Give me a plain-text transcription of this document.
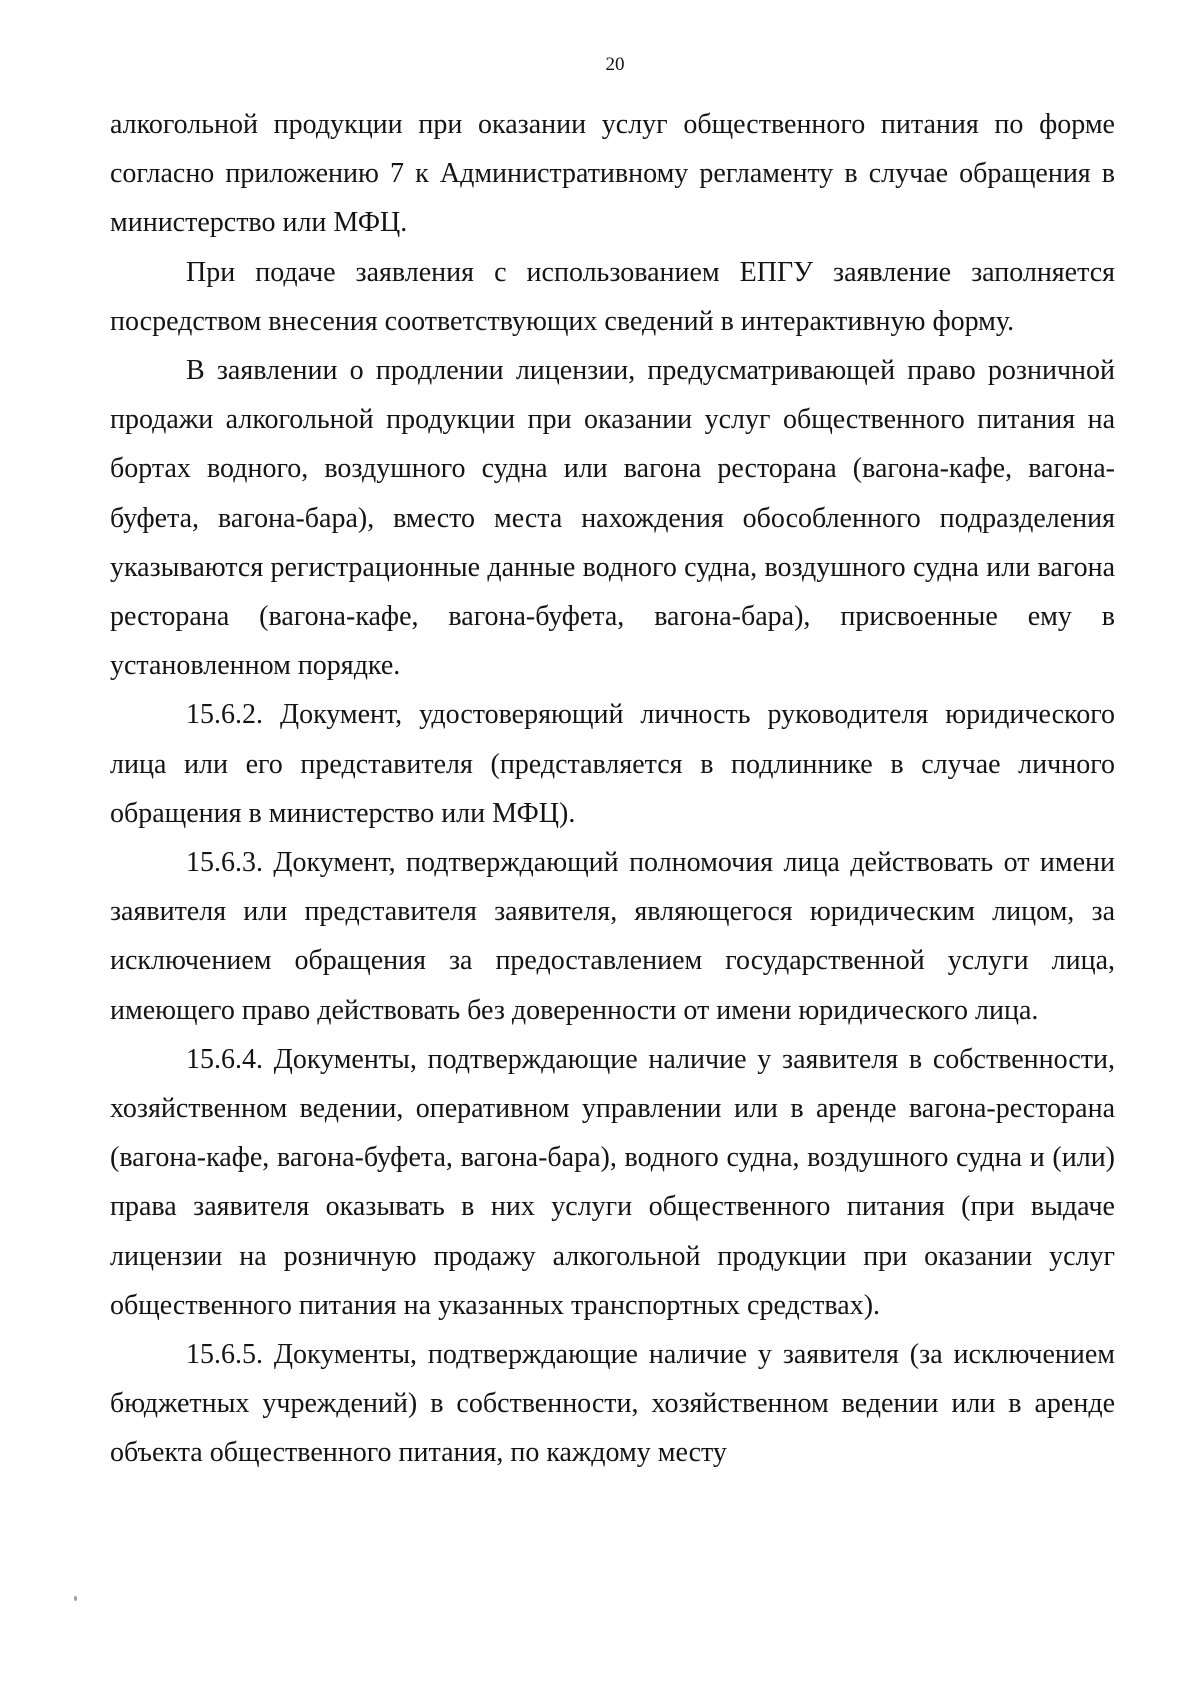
20

алкогольной продукции при оказании услуг общественного питания по форме согласно приложению 7 к Административному регламенту в случае обращения в министерство или МФЦ.

При подаче заявления с использованием ЕПГУ заявление заполняется посредством внесения соответствующих сведений в интерактивную форму.

В заявлении о продлении лицензии, предусматривающей право розничной продажи алкогольной продукции при оказании услуг общественного питания на бортах водного, воздушного судна или вагона ресторана (вагона-кафе, вагона-буфета, вагона-бара), вместо места нахождения обособленного подразделения указываются регистрационные данные водного судна, воздушного судна или вагона ресторана (вагона-кафе, вагона-буфета, вагона-бара), присвоенные ему в установленном порядке.

15.6.2. Документ, удостоверяющий личность руководителя юридического лица или его представителя (представляется в подлиннике в случае личного обращения в министерство или МФЦ).

15.6.3. Документ, подтверждающий полномочия лица действовать от имени заявителя или представителя заявителя, являющегося юридическим лицом, за исключением обращения за предоставлением государственной услуги лица, имеющего право действовать без доверенности от имени юридического лица.

15.6.4. Документы, подтверждающие наличие у заявителя в собственности, хозяйственном ведении, оперативном управлении или в аренде вагона-ресторана (вагона-кафе, вагона-буфета, вагона-бара), водного судна, воздушного судна и (или) права заявителя оказывать в них услуги общественного питания (при выдаче лицензии на розничную продажу алкогольной продукции при оказании услуг общественного питания на указанных транспортных средствах).

15.6.5. Документы, подтверждающие наличие у заявителя (за исключением бюджетных учреждений) в собственности, хозяйственном ведении или в аренде объекта общественного питания, по каждому месту
